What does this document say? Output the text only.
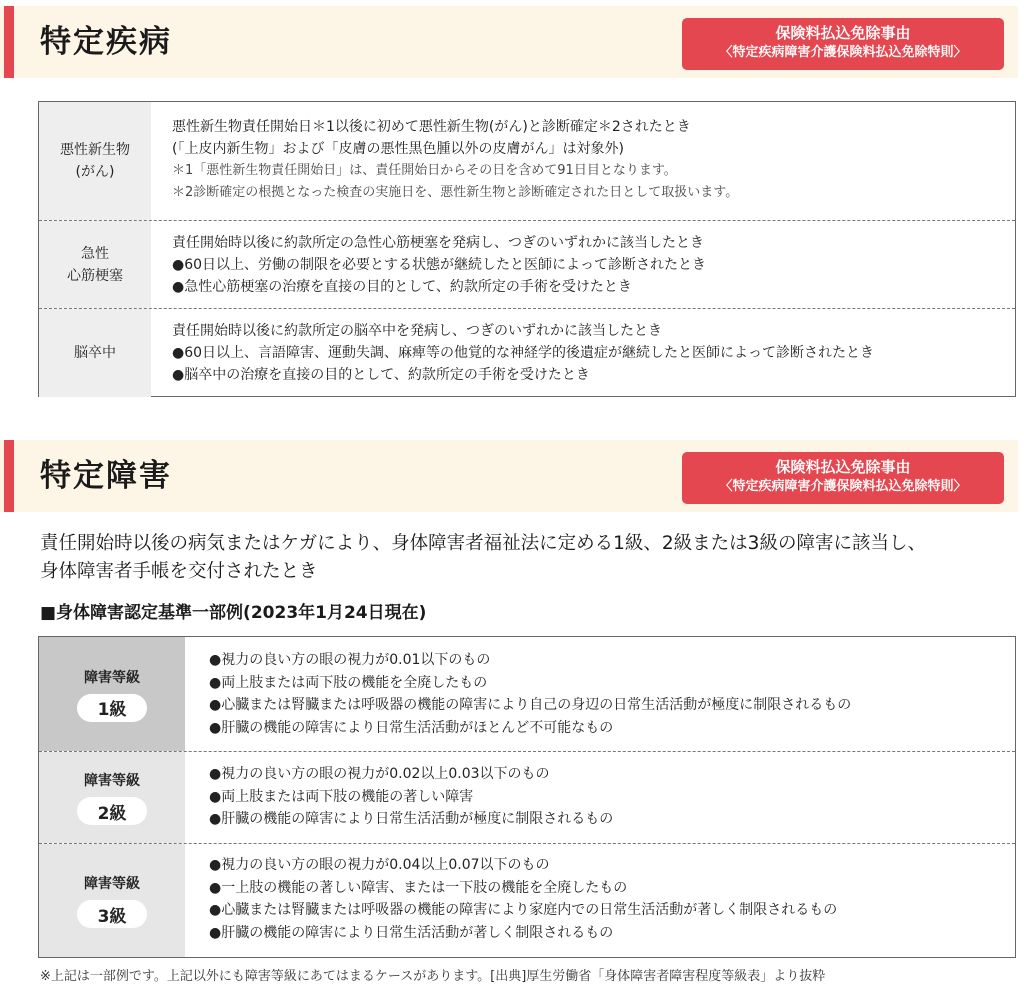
特定疾病	保険料払込免除事由
〈特定疾病障害介護保険料払込免除特則〉
悪性新生物
(がん)
悪性新生物責任開始日＊1以後に初めて悪性新生物(がん)と診断確定＊2されたとき
(「上皮内新生物」および「皮膚の悪性黒色腫以外の皮膚がん」は対象外)
＊1「悪性新生物責任開始日」は、責任開始日からその日を含めて91日目となります。
＊2診断確定の根拠となった検査の実施日を、悪性新生物と診断確定された日として取扱います。
急性
心筋梗塞
責任開始時以後に約款所定の急性心筋梗塞を発病し、つぎのいずれかに該当したとき
●60日以上、労働の制限を必要とする状態が継続したと医師によって診断されたとき
●急性心筋梗塞の治療を直接の目的として、約款所定の手術を受けたとき
脳卒中
責任開始時以後に約款所定の脳卒中を発病し、つぎのいずれかに該当したとき
●60日以上、言語障害、運動失調、麻痺等の他覚的な神経学的後遺症が継続したと医師によって診断されたとき
●脳卒中の治療を直接の目的として、約款所定の手術を受けたとき
特定障害	保険料払込免除事由
〈特定疾病障害介護保険料払込免除特則〉
責任開始時以後の病気またはケガにより、身体障害者福祉法に定める1級、2級または3級の障害に該当し、
身体障害者手帳を交付されたとき
■身体障害認定基準一部例(2023年1月24日現在)
障害等級
1級
●視力の良い方の眼の視力が0.01以下のもの
●両上肢または両下肢の機能を全廃したもの
●心臓または腎臓または呼吸器の機能の障害により自己の身辺の日常生活活動が極度に制限されるもの
●肝臓の機能の障害により日常生活活動がほとんど不可能なもの
障害等級
2級
●視力の良い方の眼の視力が0.02以上0.03以下のもの
●両上肢または両下肢の機能の著しい障害
●肝臓の機能の障害により日常生活活動が極度に制限されるもの
障害等級
3級
●視力の良い方の眼の視力が0.04以上0.07以下のもの
●一上肢の機能の著しい障害、または一下肢の機能を全廃したもの
●心臓または腎臓または呼吸器の機能の障害により家庭内での日常生活活動が著しく制限されるもの
●肝臓の機能の障害により日常生活活動が著しく制限されるもの
※上記は一部例です。上記以外にも障害等級にあてはまるケースがあります。[出典]厚生労働省「身体障害者障害程度等級表」より抜粋
